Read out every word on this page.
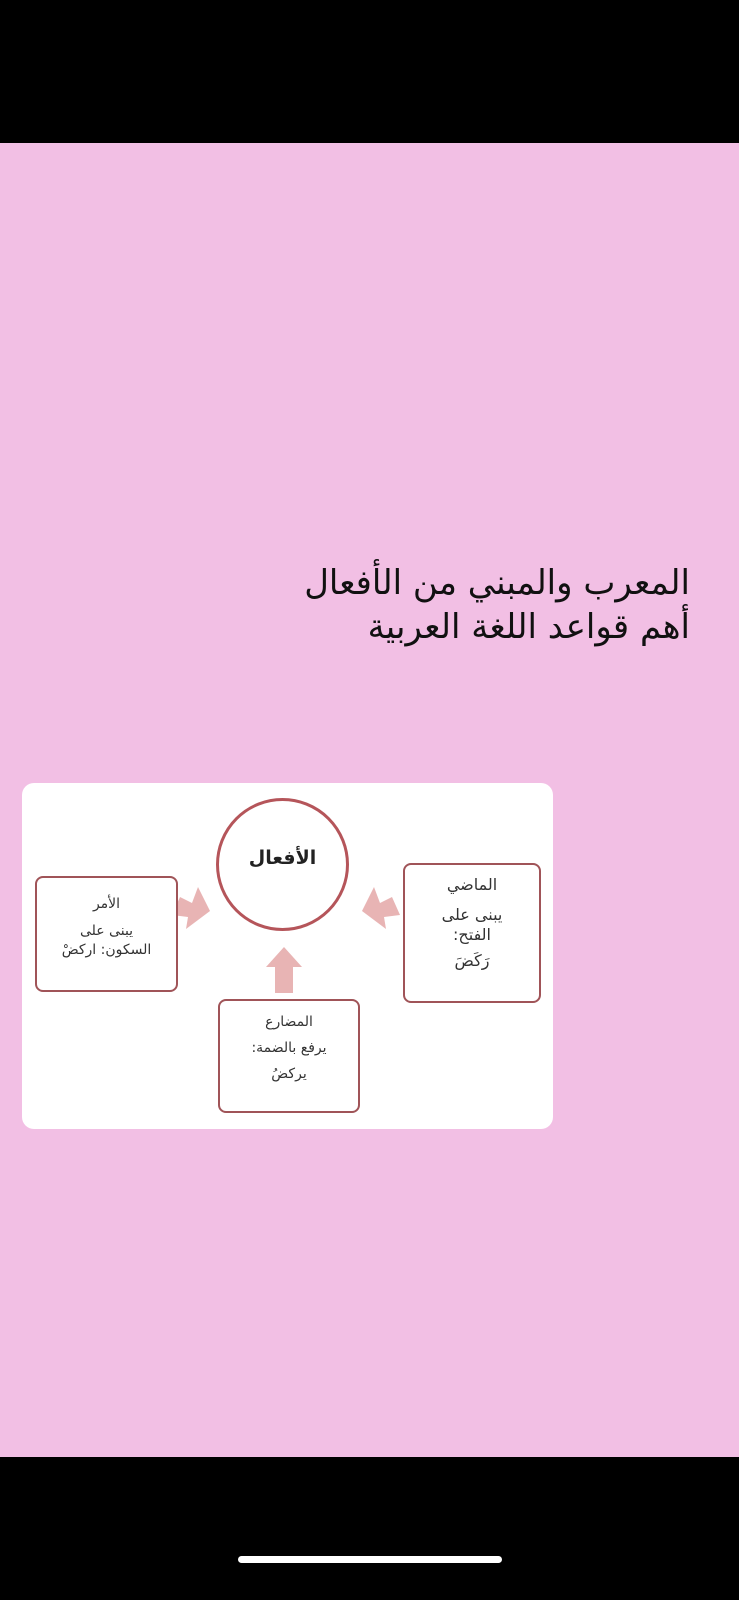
المعرب والمبني من الأفعال
أهم قواعد اللغة العربية
الأفعال
الأمر
يبنى على
السكون: اركضْ
الماضي
يبنى على
الفتح:
رَكَضَ
المضارع
يرفع بالضمة:
يركضُ
